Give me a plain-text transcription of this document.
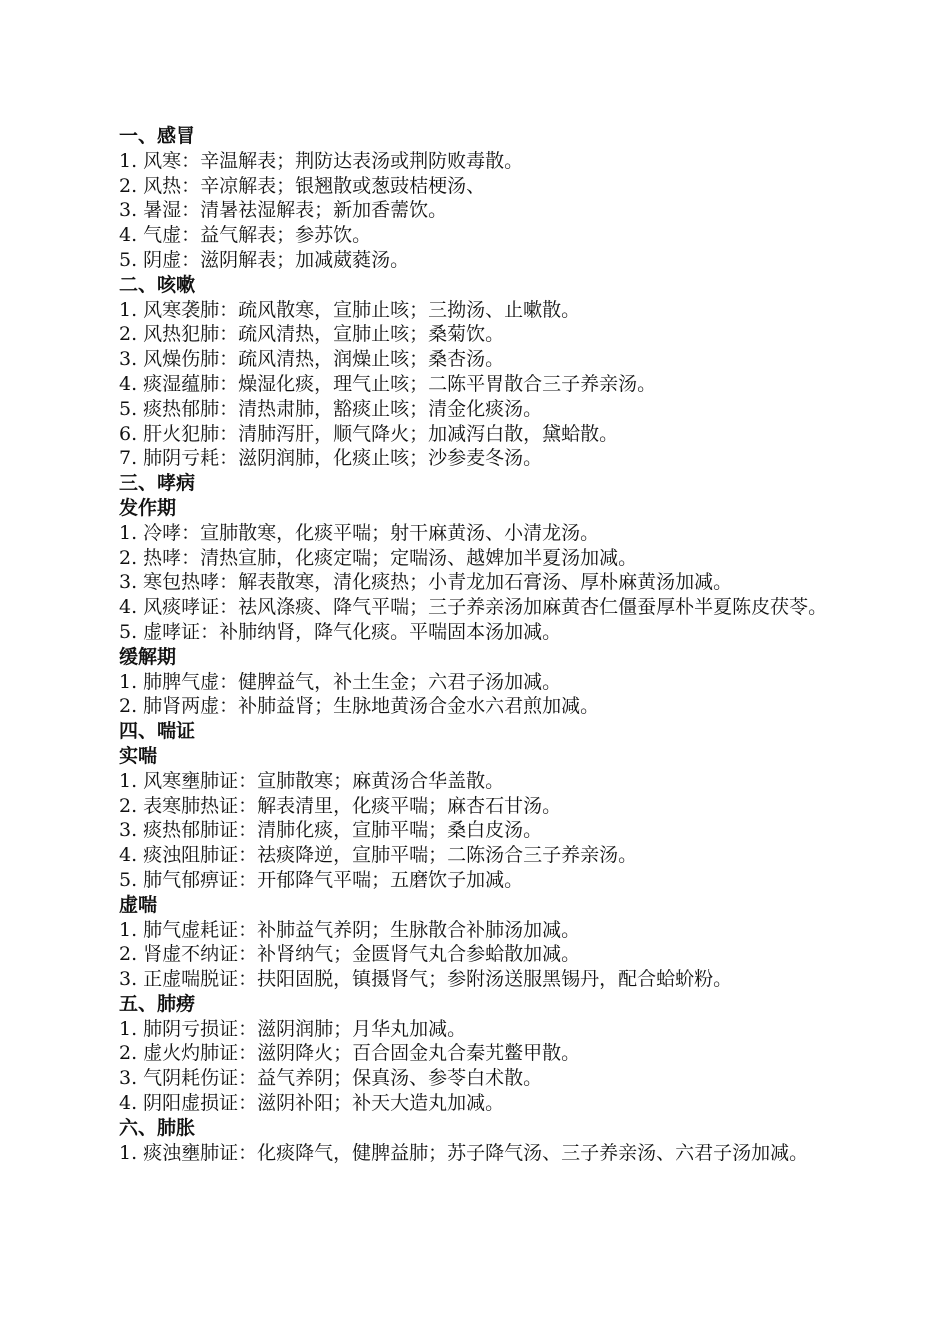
一、感冒
1. 风寒：辛温解表；荆防达表汤或荆防败毒散。
2. 风热：辛凉解表；银翘散或葱豉桔梗汤、
3. 暑湿：清暑祛湿解表；新加香薷饮。
4. 气虚：益气解表；参苏饮。
5. 阴虚：滋阴解表；加减葳蕤汤。
二、咳嗽
1. 风寒袭肺：疏风散寒，宣肺止咳；三拗汤、止嗽散。
2. 风热犯肺：疏风清热，宣肺止咳；桑菊饮。
3. 风燥伤肺：疏风清热，润燥止咳；桑杏汤。
4. 痰湿蕴肺：燥湿化痰，理气止咳；二陈平胃散合三子养亲汤。
5. 痰热郁肺：清热肃肺，豁痰止咳；清金化痰汤。
6. 肝火犯肺：清肺泻肝，顺气降火；加减泻白散，黛蛤散。
7. 肺阴亏耗：滋阴润肺，化痰止咳；沙参麦冬汤。
三、哮病
发作期
1. 冷哮：宣肺散寒，化痰平喘；射干麻黄汤、小清龙汤。
2. 热哮：清热宣肺，化痰定喘；定喘汤、越婢加半夏汤加减。
3. 寒包热哮：解表散寒，清化痰热；小青龙加石膏汤、厚朴麻黄汤加减。
4. 风痰哮证：祛风涤痰、降气平喘；三子养亲汤加麻黄杏仁僵蚕厚朴半夏陈皮茯苓。
5. 虚哮证：补肺纳肾，降气化痰。平喘固本汤加减。
缓解期
1. 肺脾气虚：健脾益气，补土生金；六君子汤加减。
2. 肺肾两虚：补肺益肾；生脉地黄汤合金水六君煎加减。
四、喘证
实喘
1. 风寒壅肺证：宣肺散寒；麻黄汤合华盖散。
2. 表寒肺热证：解表清里，化痰平喘；麻杏石甘汤。
3. 痰热郁肺证：清肺化痰，宣肺平喘；桑白皮汤。
4. 痰浊阻肺证：祛痰降逆，宣肺平喘；二陈汤合三子养亲汤。
5. 肺气郁痹证：开郁降气平喘；五磨饮子加减。
虚喘
1. 肺气虚耗证：补肺益气养阴；生脉散合补肺汤加减。
2. 肾虚不纳证：补肾纳气；金匮肾气丸合参蛤散加减。
3. 正虚喘脱证：扶阳固脱，镇摄肾气；参附汤送服黑锡丹，配合蛤蚧粉。
五、肺痨
1. 肺阴亏损证：滋阴润肺；月华丸加减。
2. 虚火灼肺证：滋阴降火；百合固金丸合秦艽鳖甲散。
3. 气阴耗伤证：益气养阴；保真汤、参苓白术散。
4. 阴阳虚损证：滋阴补阳；补天大造丸加减。
六、肺胀
1. 痰浊壅肺证：化痰降气，健脾益肺；苏子降气汤、三子养亲汤、六君子汤加减。
